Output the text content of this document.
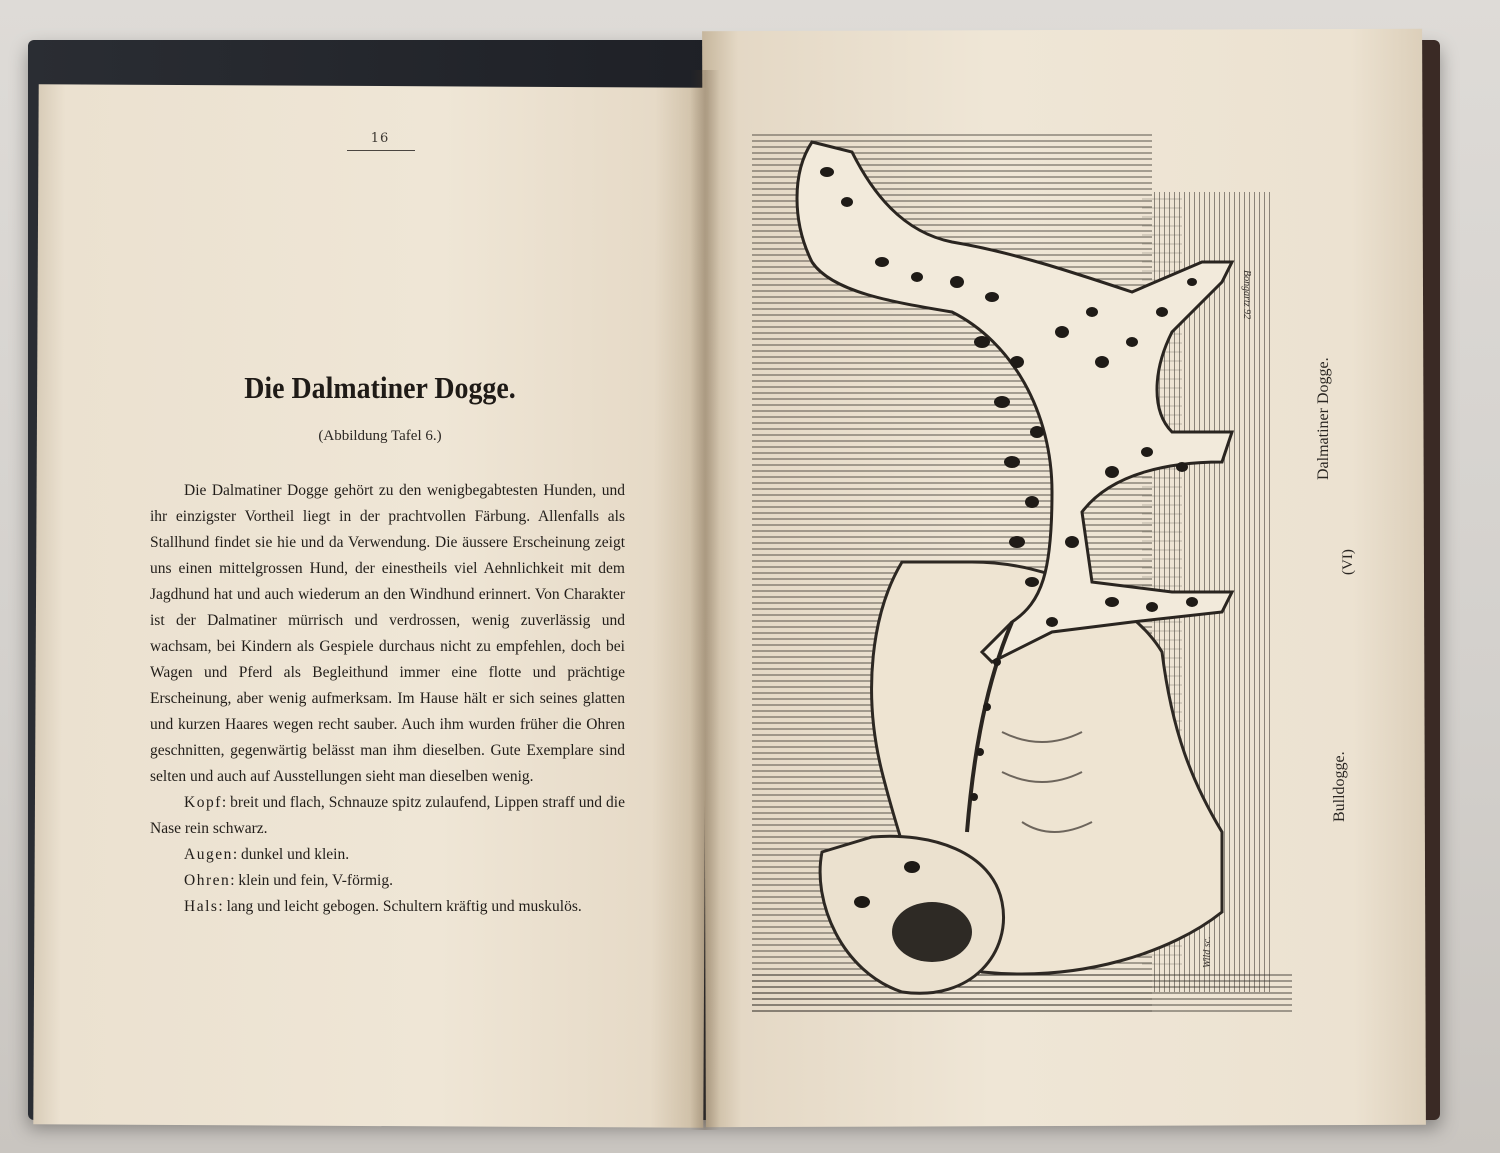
16
Die Dalmatiner Dogge.
(Abbildung Tafel 6.)

Die Dalmatiner Dogge gehört zu den wenigbegabtesten Hunden, und ihr einzigster Vortheil liegt in der prachtvollen Färbung. Allenfalls als Stallhund findet sie hie und da Verwendung. Die äussere Erscheinung zeigt uns einen mittelgrossen Hund, der einestheils viel Aehnlichkeit mit dem Jagdhund hat und auch wiederum an den Windhund erinnert. Von Charakter ist der Dalmatiner mürrisch und verdrossen, wenig zuverlässig und wachsam, bei Kindern als Gespiele durchaus nicht zu empfehlen, doch bei Wagen und Pferd als Begleithund immer eine flotte und prächtige Erscheinung, aber wenig aufmerksam. Im Hause hält er sich seines glatten und kurzen Haares wegen recht sauber. Auch ihm wurden früher die Ohren geschnitten, gegenwärtig belässt man ihm dieselben. Gute Exemplare sind selten und auch auf Ausstellungen sieht man dieselben wenig.

Kopf: breit und flach, Schnauze spitz zulaufend, Lippen straff und die Nase rein schwarz.

Augen: dunkel und klein.

Ohren: klein und fein, V-förmig.

Hals: lang und leicht gebogen. Schultern kräftig und muskulös.

Dalmatiner Dogge.
(VI)
Bulldogge.
Bongartz 92
Wild sc.
